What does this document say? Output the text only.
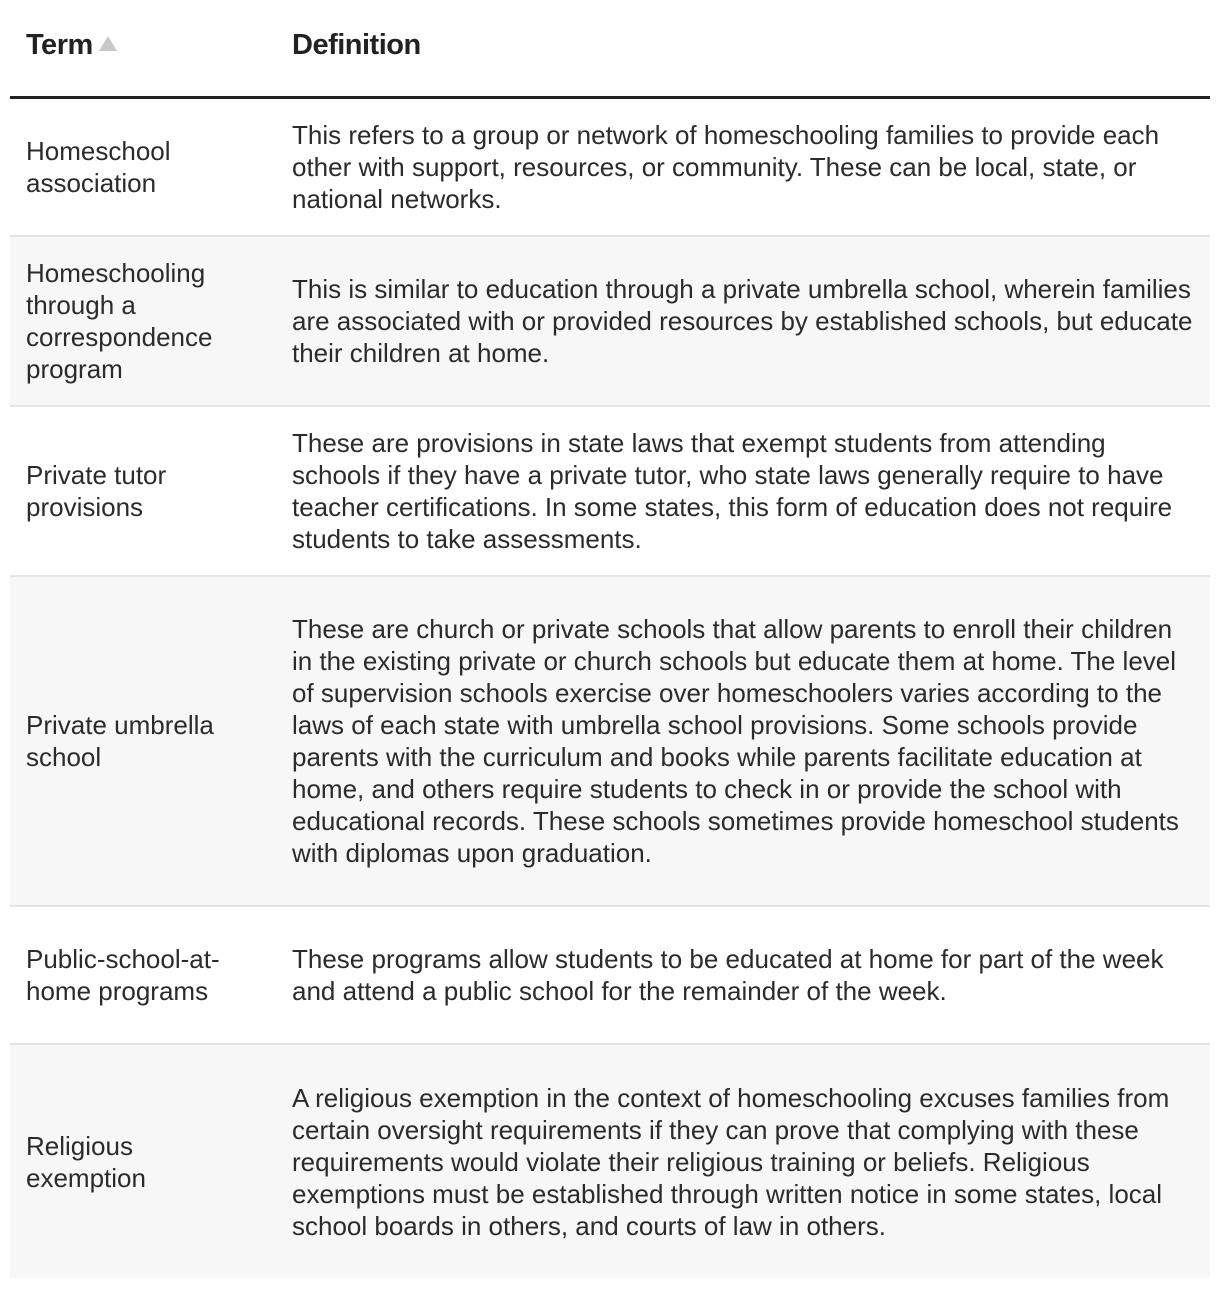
Term	Definition
Homeschool association	This refers to a group or network of homeschooling families to provide each other with support, resources, or community. These can be local, state, or national networks.
Homeschooling through a correspondence program	This is similar to education through a private umbrella school, wherein families are associated with or provided resources by established schools, but educate their children at home.
Private tutor provisions	These are provisions in state laws that exempt students from attending schools if they have a private tutor, who state laws generally require to have teacher certifications. In some states, this form of education does not require students to take assessments.
Private umbrella school	These are church or private schools that allow parents to enroll their children in the existing private or church schools but educate them at home. The level of supervision schools exercise over homeschoolers varies according to the laws of each state with umbrella school provisions. Some schools provide parents with the curriculum and books while parents facilitate education at home, and others require students to check in or provide the school with educational records. These schools sometimes provide homeschool students with diplomas upon graduation.
Public-school-at-home programs	These programs allow students to be educated at home for part of the week and attend a public school for the remainder of the week.
Religious exemption	A religious exemption in the context of homeschooling excuses families from certain oversight requirements if they can prove that complying with these requirements would violate their religious training or beliefs. Religious exemptions must be established through written notice in some states, local school boards in others, and courts of law in others.
